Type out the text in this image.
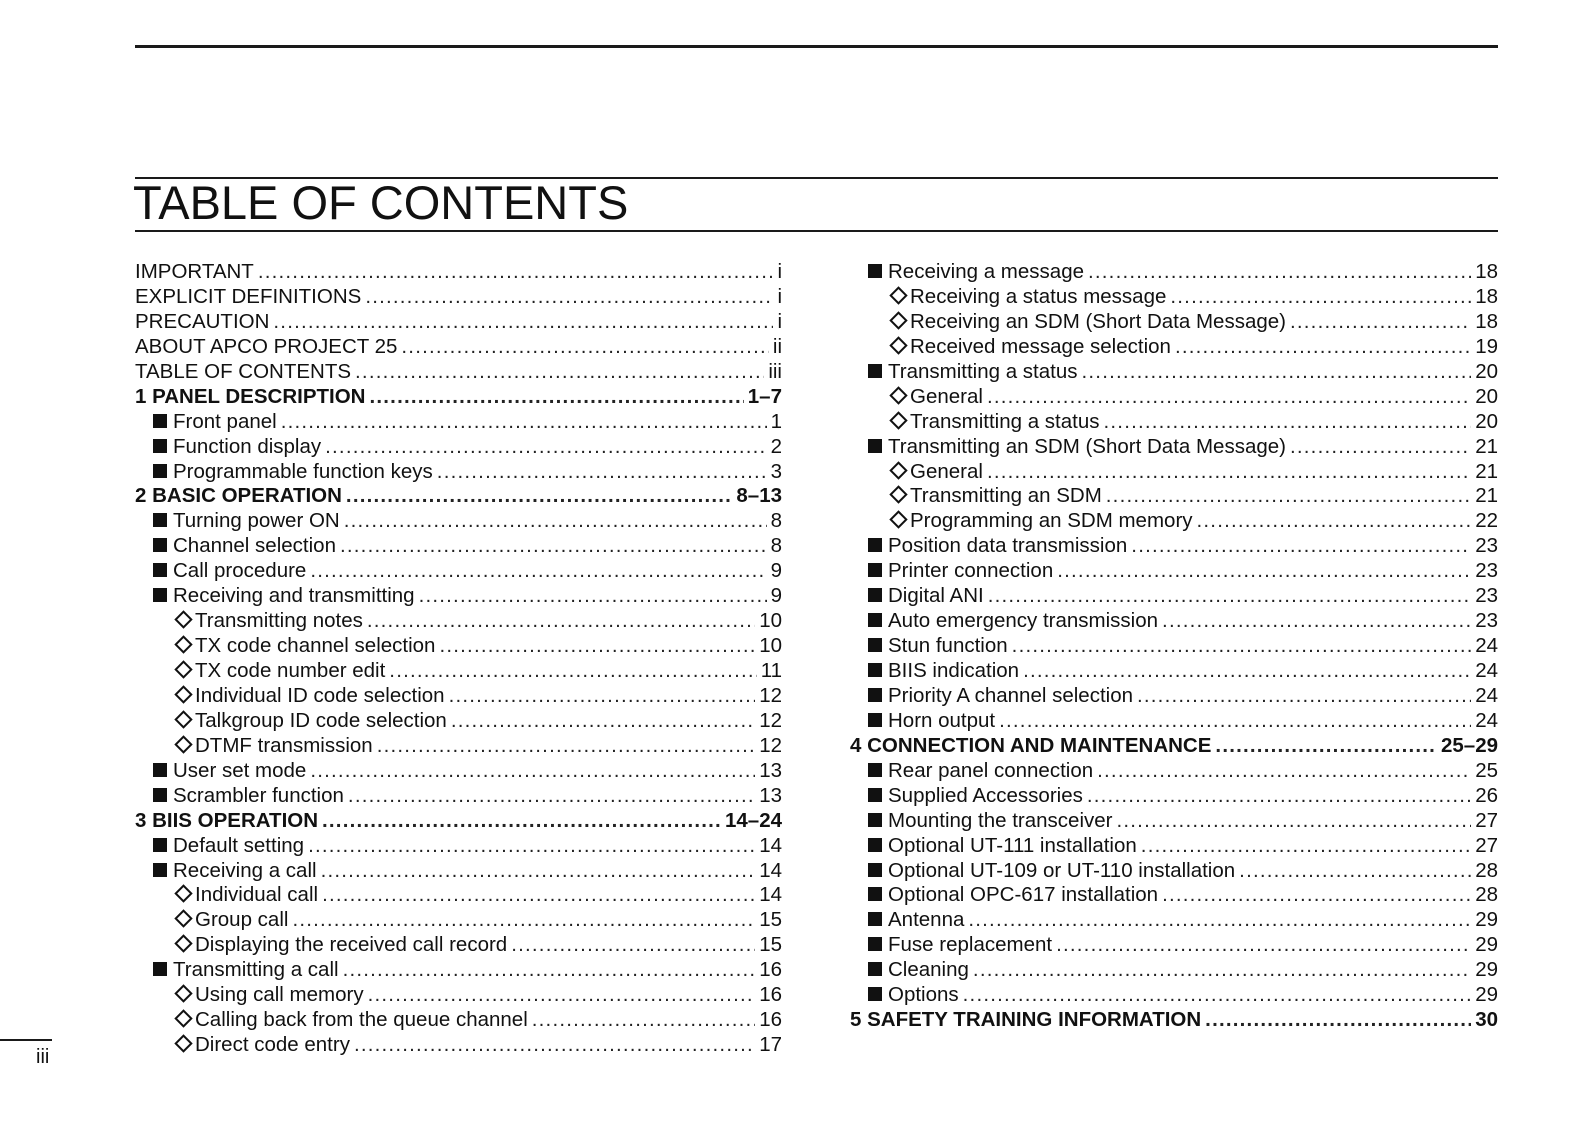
TABLE OF CONTENTS
IMPORTANT .....	i
EXPLICIT DEFINITIONS .....	i
PRECAUTION .....	i
ABOUT APCO PROJECT 25 .....	ii
TABLE OF CONTENTS .....	iii
1 PANEL DESCRIPTION .....	1–7
Front panel .....	1
Function display .....	2
Programmable function keys .....	3
2 BASIC OPERATION .....	8–13
Turning power ON .....	8
Channel selection .....	8
Call procedure .....	9
Receiving and transmitting .....	9
Transmitting notes .....	10
TX code channel selection .....	10
TX code number edit .....	11
Individual ID code selection .....	12
Talkgroup ID code selection .....	12
DTMF transmission .....	12
User set mode .....	13
Scrambler function .....	13
3 BIIS OPERATION .....	14–24
Default setting .....	14
Receiving a call .....	14
Individual call .....	14
Group call .....	15
Displaying the received call record .....	15
Transmitting a call .....	16
Using call memory .....	16
Calling back from the queue channel .....	16
Direct code entry .....	17
Receiving a message .....	18
Receiving a status message .....	18
Receiving an SDM (Short Data Message) .....	18
Received message selection .....	19
Transmitting a status .....	20
General .....	20
Transmitting a status .....	20
Transmitting an SDM (Short Data Message) .....	21
General .....	21
Transmitting an SDM .....	21
Programming an SDM memory .....	22
Position data transmission .....	23
Printer connection .....	23
Digital ANI .....	23
Auto emergency transmission .....	23
Stun function .....	24
BIIS indication .....	24
Priority A channel selection .....	24
Horn output .....	24
4 CONNECTION AND MAINTENANCE .....	25–29
Rear panel connection .....	25
Supplied Accessories .....	26
Mounting the transceiver .....	27
Optional UT-111 installation .....	27
Optional UT-109 or UT-110 installation .....	28
Optional OPC-617 installation .....	28
Antenna .....	29
Fuse replacement .....	29
Cleaning .....	29
Options .....	29
5 SAFETY TRAINING INFORMATION .....	30
iii
